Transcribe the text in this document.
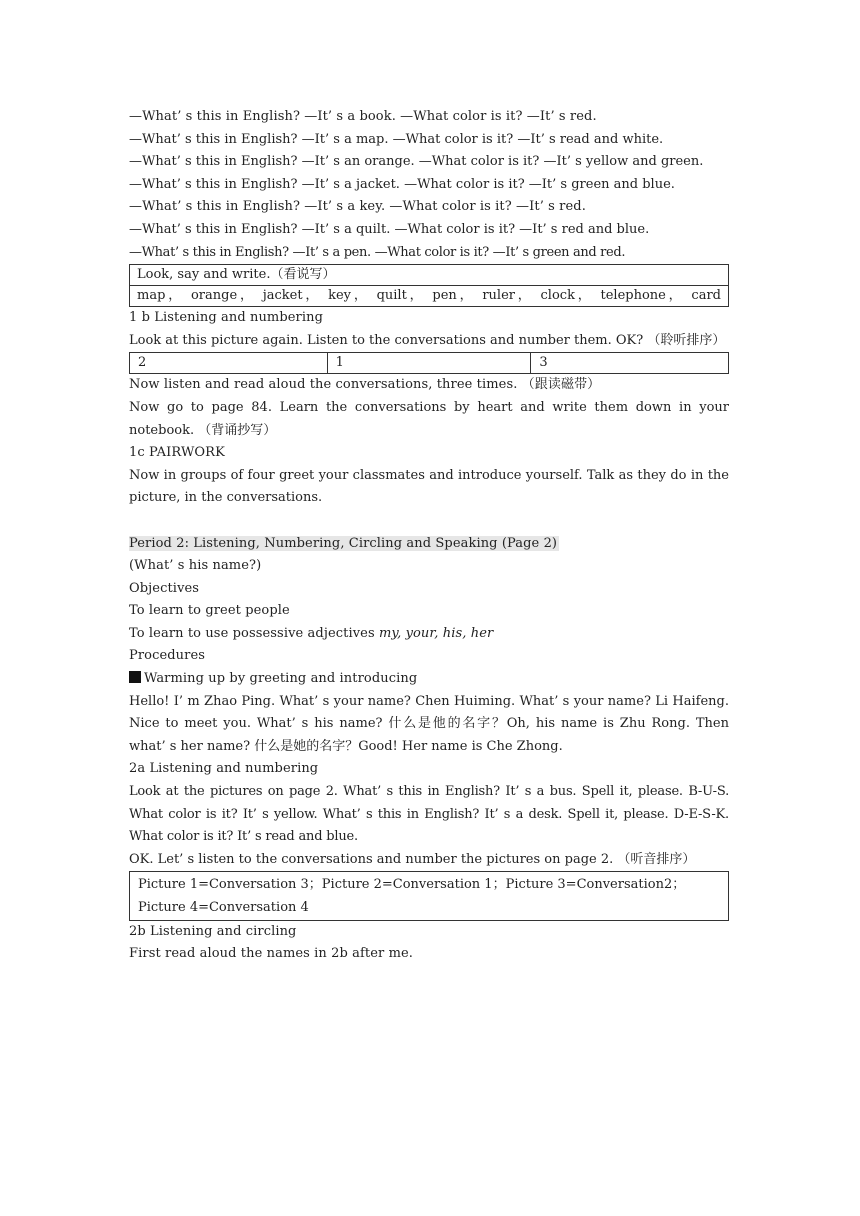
—What’ s this in English? —It’ s a book. —What color is it? —It’ s red.
—What’ s this in English? —It’ s a map. —What color is it? —It’ s read and white.
—What’ s this in English? —It’ s an orange. —What color is it? —It’ s yellow and green.
—What’ s this in English? —It’ s a jacket. —What color is it? —It’ s green and blue.
—What’ s this in English? —It’ s a key. —What color is it? —It’ s red.
—What’ s this in English? —It’ s a quilt. —What color is it? —It’ s red and blue.
—What’ s this in English? —It’ s a pen. —What color is it? —It’ s green and red.
Look, say and write.（看说写）
map， orange， jacket， key， quilt， pen， ruler， clock， telephone， card
1 b Listening and numbering
Look at this picture again. Listen to the conversations and number them. OK? （聆听排序）
2	1	3
Now listen and read aloud the conversations, three times. （跟读磁带）
Now go to page 84. Learn the conversations by heart and write them down in your notebook. （背诵抄写）
1c PAIRWORK
Now in groups of four greet your classmates and introduce yourself. Talk as they do in the picture, in the conversations.
Period 2: Listening, Numbering, Circling and Speaking (Page 2)
(What’ s his name?)
Objectives
To learn to greet people
To learn to use possessive adjectives my, your, his, her
Procedures
Warming up by greeting and introducing
Hello! I’ m Zhao Ping. What’ s your name? Chen Huiming. What’ s your name? Li Haifeng. Nice to meet you. What’ s his name? 什么是他的名字？Oh, his name is Zhu Rong. Then what’ s her name? 什么是她的名字？Good! Her name is Che Zhong.
2a Listening and numbering
Look at the pictures on page 2. What’ s this in English? It’ s a bus. Spell it, please. B-U-S. What color is it? It’ s yellow. What’ s this in English? It’ s a desk. Spell it, please. D-E-S-K. What color is it? It’ s read and blue.
OK. Let’ s listen to the conversations and number the pictures on page 2. （听音排序）
Picture 1=Conversation 3；Picture 2=Conversation 1；Picture 3=Conversation2；Picture 4=Conversation 4
2b Listening and circling
First read aloud the names in 2b after me.
